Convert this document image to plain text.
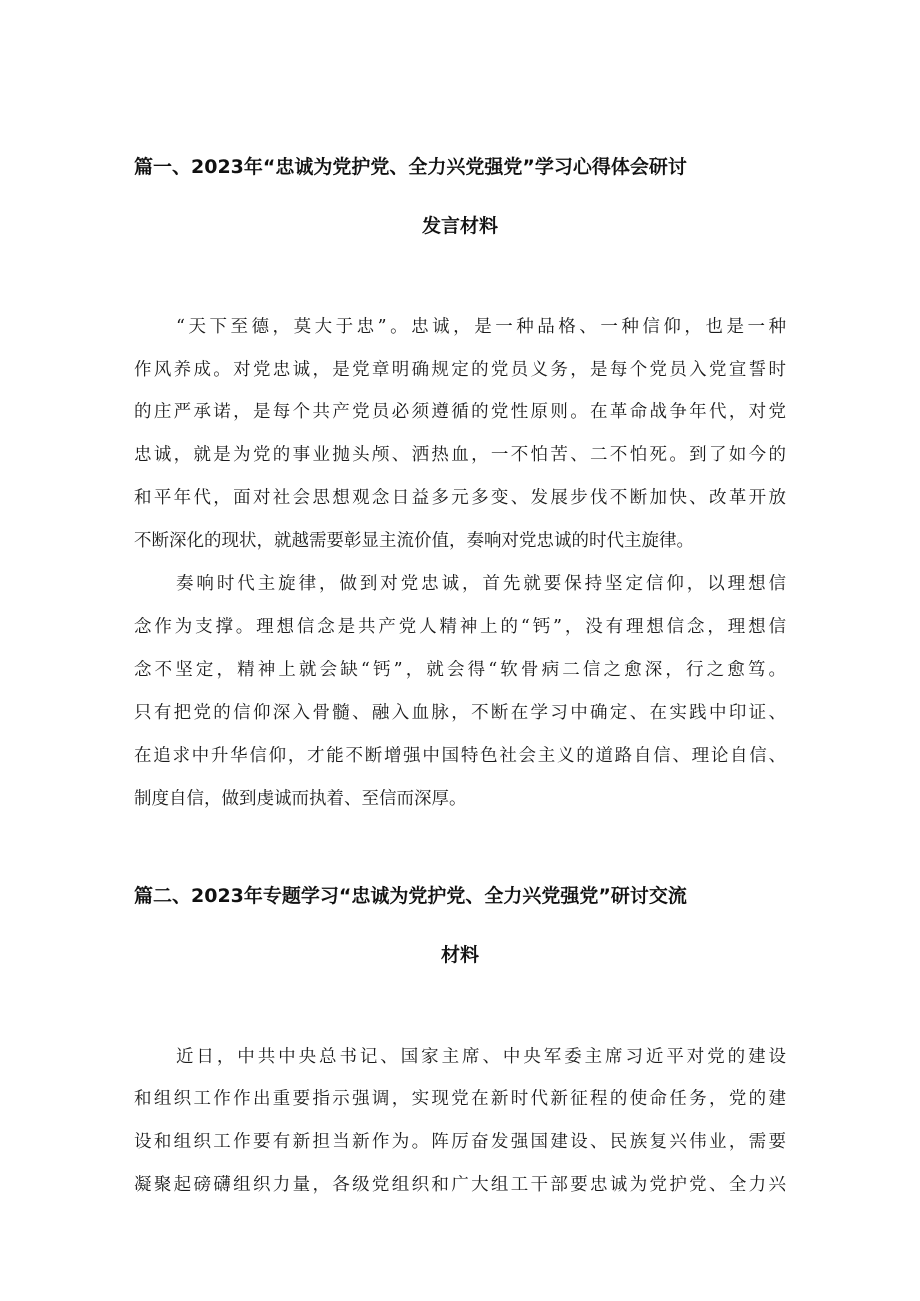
篇一、2023年“忠诚为党护党、全力兴党强党”学习心得体会研讨
发言材料
“天下至德，莫大于忠”。忠诚，是一种品格、一种信仰，也是一种
作风养成。对党忠诚，是党章明确规定的党员义务，是每个党员入党宣誓时
的庄严承诺，是每个共产党员必须遵循的党性原则。在革命战争年代，对党
忠诚，就是为党的事业抛头颅、洒热血，一不怕苦、二不怕死。到了如今的
和平年代，面对社会思想观念日益多元多变、发展步伐不断加快、改革开放
不断深化的现状，就越需要彰显主流价值，奏响对党忠诚的时代主旋律。
奏响时代主旋律，做到对党忠诚，首先就要保持坚定信仰，以理想信
念作为支撑。理想信念是共产党人精神上的“钙”，没有理想信念，理想信
念不坚定，精神上就会缺“钙”，就会得“软骨病二信之愈深，行之愈笃。
只有把党的信仰深入骨髓、融入血脉，不断在学习中确定、在实践中印证、
在追求中升华信仰，才能不断增强中国特色社会主义的道路自信、理论自信、
制度自信，做到虔诚而执着、至信而深厚。
篇二、2023年专题学习“忠诚为党护党、全力兴党强党”研讨交流
材料
近日，中共中央总书记、国家主席、中央军委主席习近平对党的建设
和组织工作作出重要指示强调，实现党在新时代新征程的使命任务，党的建
设和组织工作要有新担当新作为。阵厉奋发强国建设、民族复兴伟业，需要
凝聚起磅礴组织力量，各级党组织和广大组工干部要忠诚为党护党、全力兴
